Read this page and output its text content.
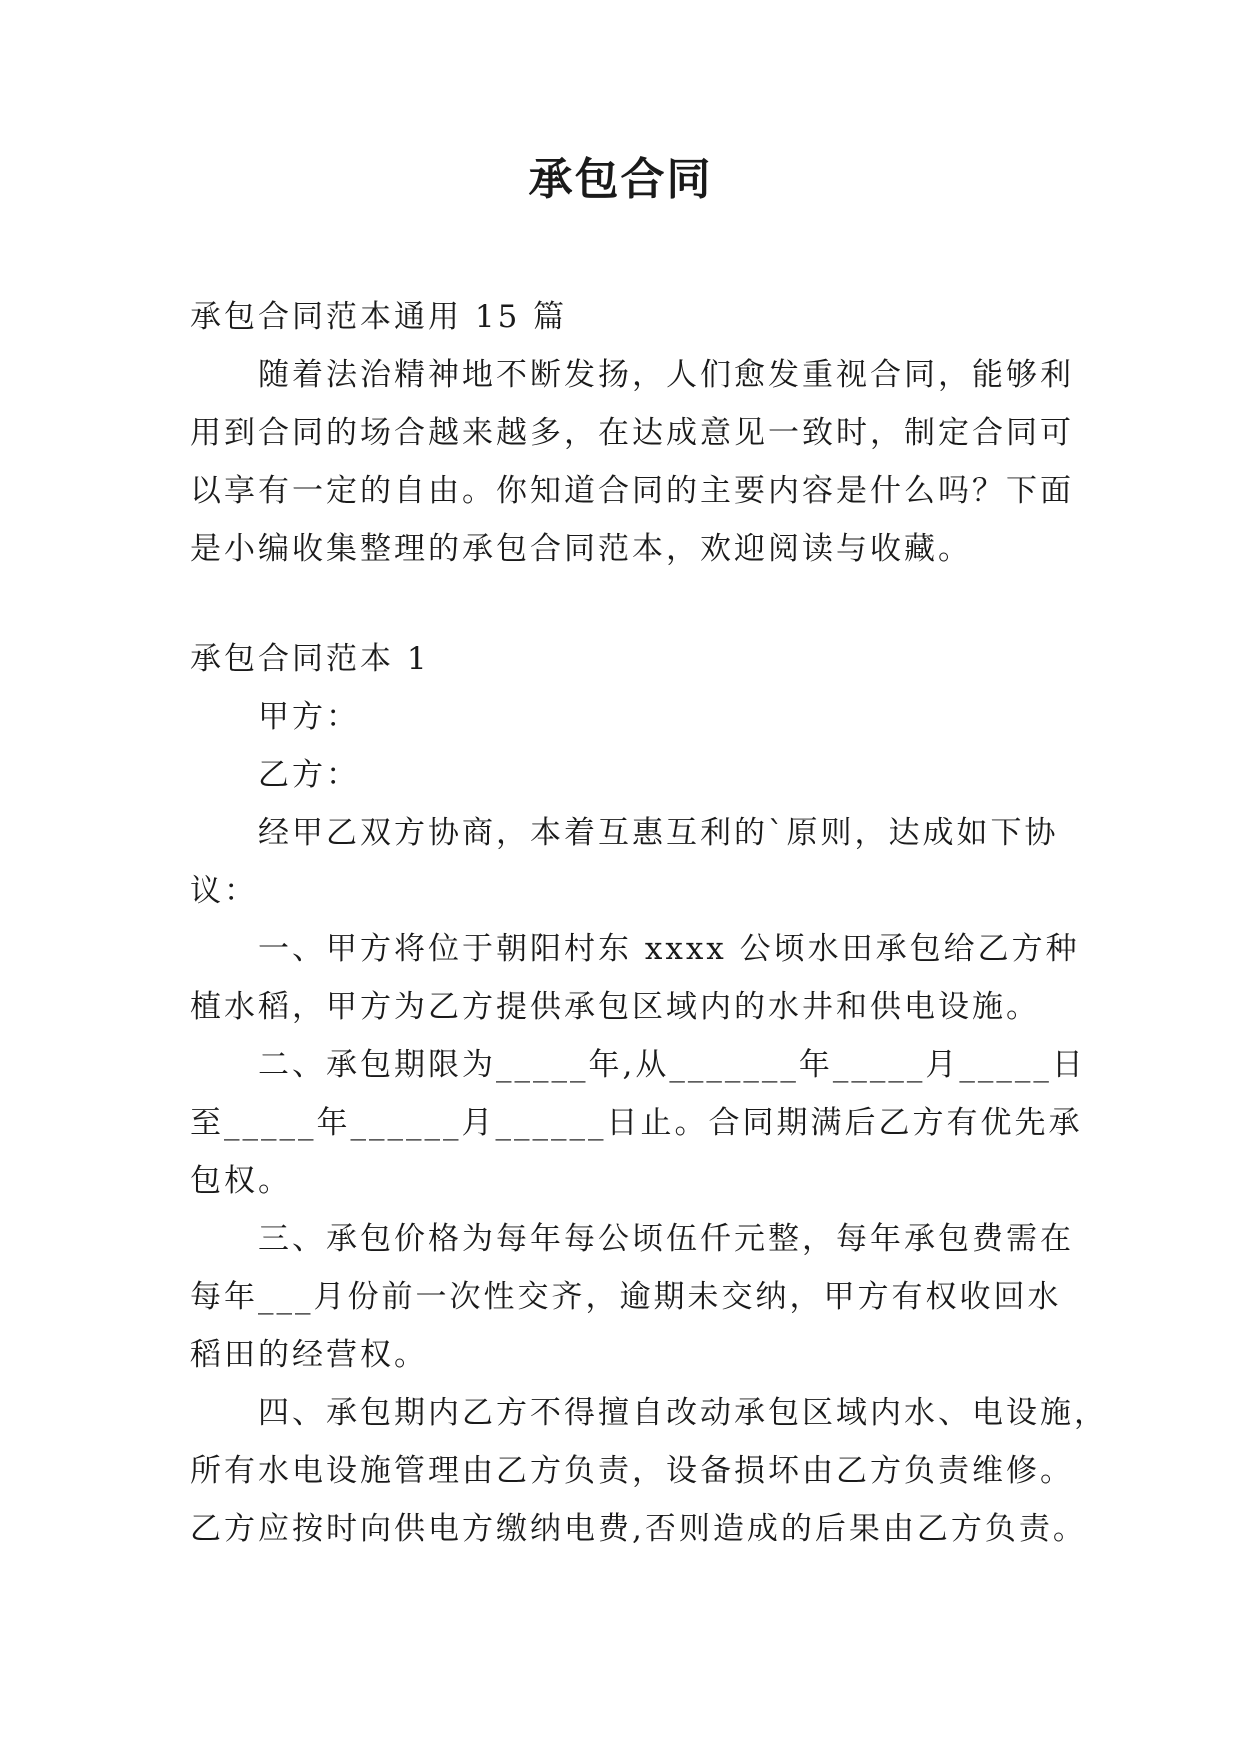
承包合同
承包合同范本通用 15 篇
随着法治精神地不断发扬，人们愈发重视合同，能够利
用到合同的场合越来越多，在达成意见一致时，制定合同可
以享有一定的自由。你知道合同的主要内容是什么吗？下面
是小编收集整理的承包合同范本，欢迎阅读与收藏。
承包合同范本 1
甲方：
乙方：
经甲乙双方协商，本着互惠互利的`原则，达成如下协
议：
一、甲方将位于朝阳村东 xxxx 公顷水田承包给乙方种
植水稻，甲方为乙方提供承包区域内的水井和供电设施。
二、承包期限为_____年,从_______年_____月_____日
至_____年______月______日止。合同期满后乙方有优先承
包权。
三、承包价格为每年每公顷伍仟元整，每年承包费需在
每年___月份前一次性交齐，逾期未交纳，甲方有权收回水
稻田的经营权。
四、承包期内乙方不得擅自改动承包区域内水、电设施，
所有水电设施管理由乙方负责，设备损坏由乙方负责维修。
乙方应按时向供电方缴纳电费,否则造成的后果由乙方负责。
